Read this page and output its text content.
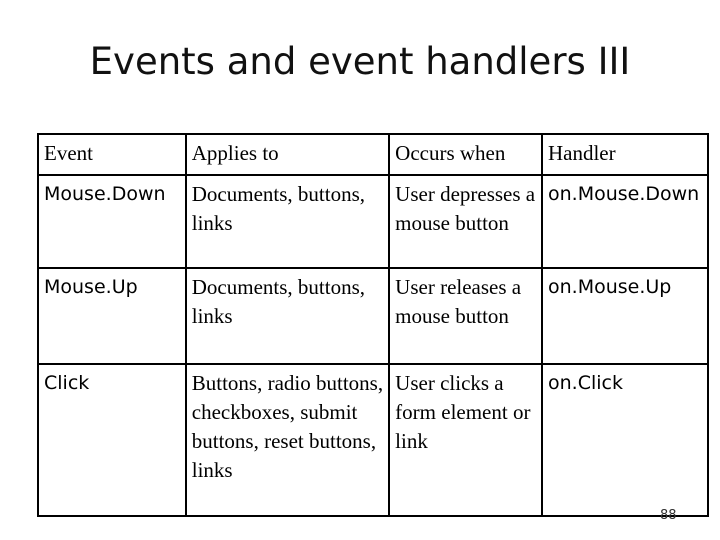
Events and event handlers III
Event	Applies to	Occurs when	Handler
Mouse.Down	Documents, buttons, links	User depresses a mouse button	on.Mouse.Down
Mouse.Up	Documents, buttons, links	User releases a mouse button	on.Mouse.Up
Click	Buttons, radio buttons, checkboxes, submit buttons, reset buttons, links	User clicks a form element or link	on.Click
88
